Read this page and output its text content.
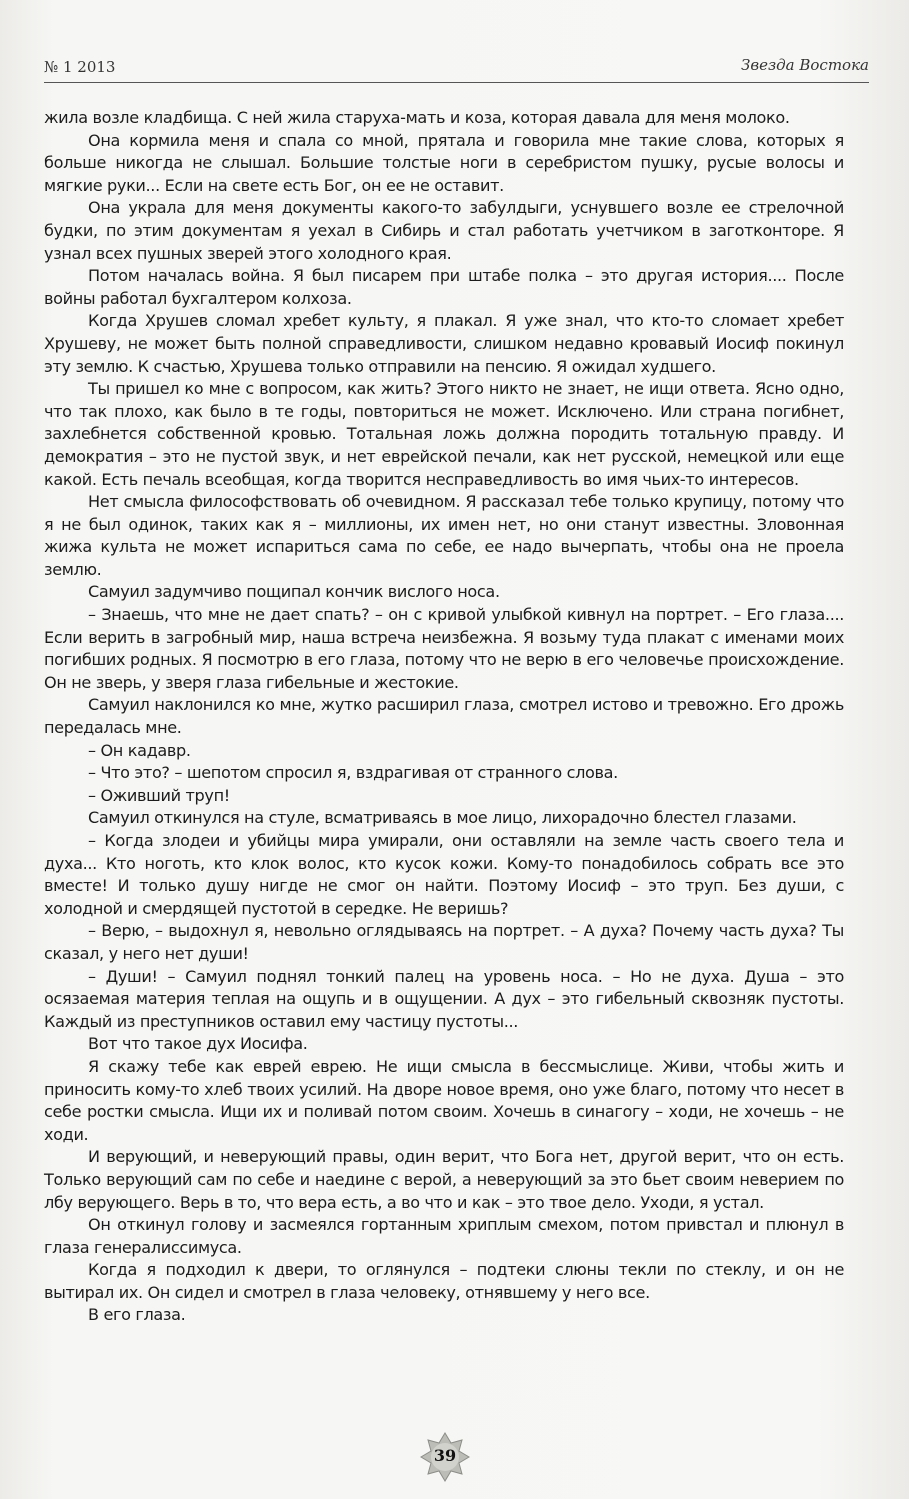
№ 1 2013	Звезда Востока

жила возле кладбища. С ней жила старуха-мать и коза, которая давала для меня молоко.

Она кормила меня и спала со мной, прятала и говорила мне такие слова, которых я больше никогда не слышал. Большие толстые ноги в серебристом пушку, русые волосы и мягкие руки... Если на свете есть Бог, он ее не оставит.

Она украла для меня документы какого-то забулдыги, уснувшего возле ее стрелочной будки, по этим документам я уехал в Сибирь и стал работать учетчиком в заготконторе. Я узнал всех пушных зверей этого холодного края.

Потом началась война. Я был писарем при штабе полка – это другая история.... После войны работал бухгалтером колхоза.

Когда Хрушев сломал хребет культу, я плакал. Я уже знал, что кто-то сломает хребет Хрушеву, не может быть полной справедливости, слишком недавно кровавый Иосиф покинул эту землю. К счастью, Хрушева только отправили на пенсию. Я ожидал худшего.

Ты пришел ко мне с вопросом, как жить? Этого никто не знает, не ищи ответа. Ясно одно, что так плохо, как было в те годы, повториться не может. Исключено. Или страна погибнет, захлебнется собственной кровью. Тотальная ложь должна породить тотальную правду. И демократия – это не пустой звук, и нет еврейской печали, как нет русской, немецкой или еще какой. Есть печаль всеобщая, когда творится несправедливость во имя чьих-то интересов.

Нет смысла философствовать об очевидном. Я рассказал тебе только крупицу, потому что я не был одинок, таких как я – миллионы, их имен нет, но они станут известны. Зловонная жижа культа не может испариться сама по себе, ее надо вычерпать, чтобы она не проела землю.

Самуил задумчиво пощипал кончик вислого носа.

– Знаешь, что мне не дает спать? – он с кривой улыбкой кивнул на портрет. – Его глаза.... Если верить в загробный мир, наша встреча неизбежна. Я возьму туда плакат с именами моих погибших родных. Я посмотрю в его глаза, потому что не верю в его человечье происхождение. Он не зверь, у зверя глаза гибельные и жестокие.

Самуил наклонился ко мне, жутко расширил глаза, смотрел истово и тревожно. Его дрожь передалась мне.

– Он кадавр.

– Что это? – шепотом спросил я, вздрагивая от странного слова.

– Оживший труп!

Самуил откинулся на стуле, всматриваясь в мое лицо, лихорадочно блестел глазами.

– Когда злодеи и убийцы мира умирали, они оставляли на земле часть своего тела и духа... Кто ноготь, кто клок волос, кто кусок кожи. Кому-то понадобилось собрать все это вместе! И только душу нигде не смог он найти. Поэтому Иосиф – это труп. Без души, с холодной и смердящей пустотой в середке. Не веришь?

– Верю, – выдохнул я, невольно оглядываясь на портрет. – А духа? Почему часть духа? Ты сказал, у него нет души!

– Души! – Самуил поднял тонкий палец на уровень носа. – Но не духа. Душа – это осязаемая материя теплая на ощупь и в ощущении. А дух – это гибельный сквозняк пустоты. Каждый из преступников оставил ему частицу пустоты...

Вот что такое дух Иосифа.

Я скажу тебе как еврей еврею. Не ищи смысла в бессмыслице. Живи, чтобы жить и приносить кому-то хлеб твоих усилий. На дворе новое время, оно уже благо, потому что несет в себе ростки смысла. Ищи их и поливай потом своим. Хочешь в синагогу – ходи, не хочешь – не ходи.

И верующий, и неверующий правы, один верит, что Бога нет, другой верит, что он есть. Только верующий сам по себе и наедине с верой, а неверующий за это бьет своим неверием по лбу верующего. Верь в то, что вера есть, а во что и как – это твое дело. Уходи, я устал.

Он откинул голову и засмеялся гортанным хриплым смехом, потом привстал и плюнул в глаза генералиссимуса.

Когда я подходил к двери, то оглянулся – подтеки слюны текли по стеклу, и он не вытирал их. Он сидел и смотрел в глаза человеку, отнявшему у него все.

В его глаза.

39
